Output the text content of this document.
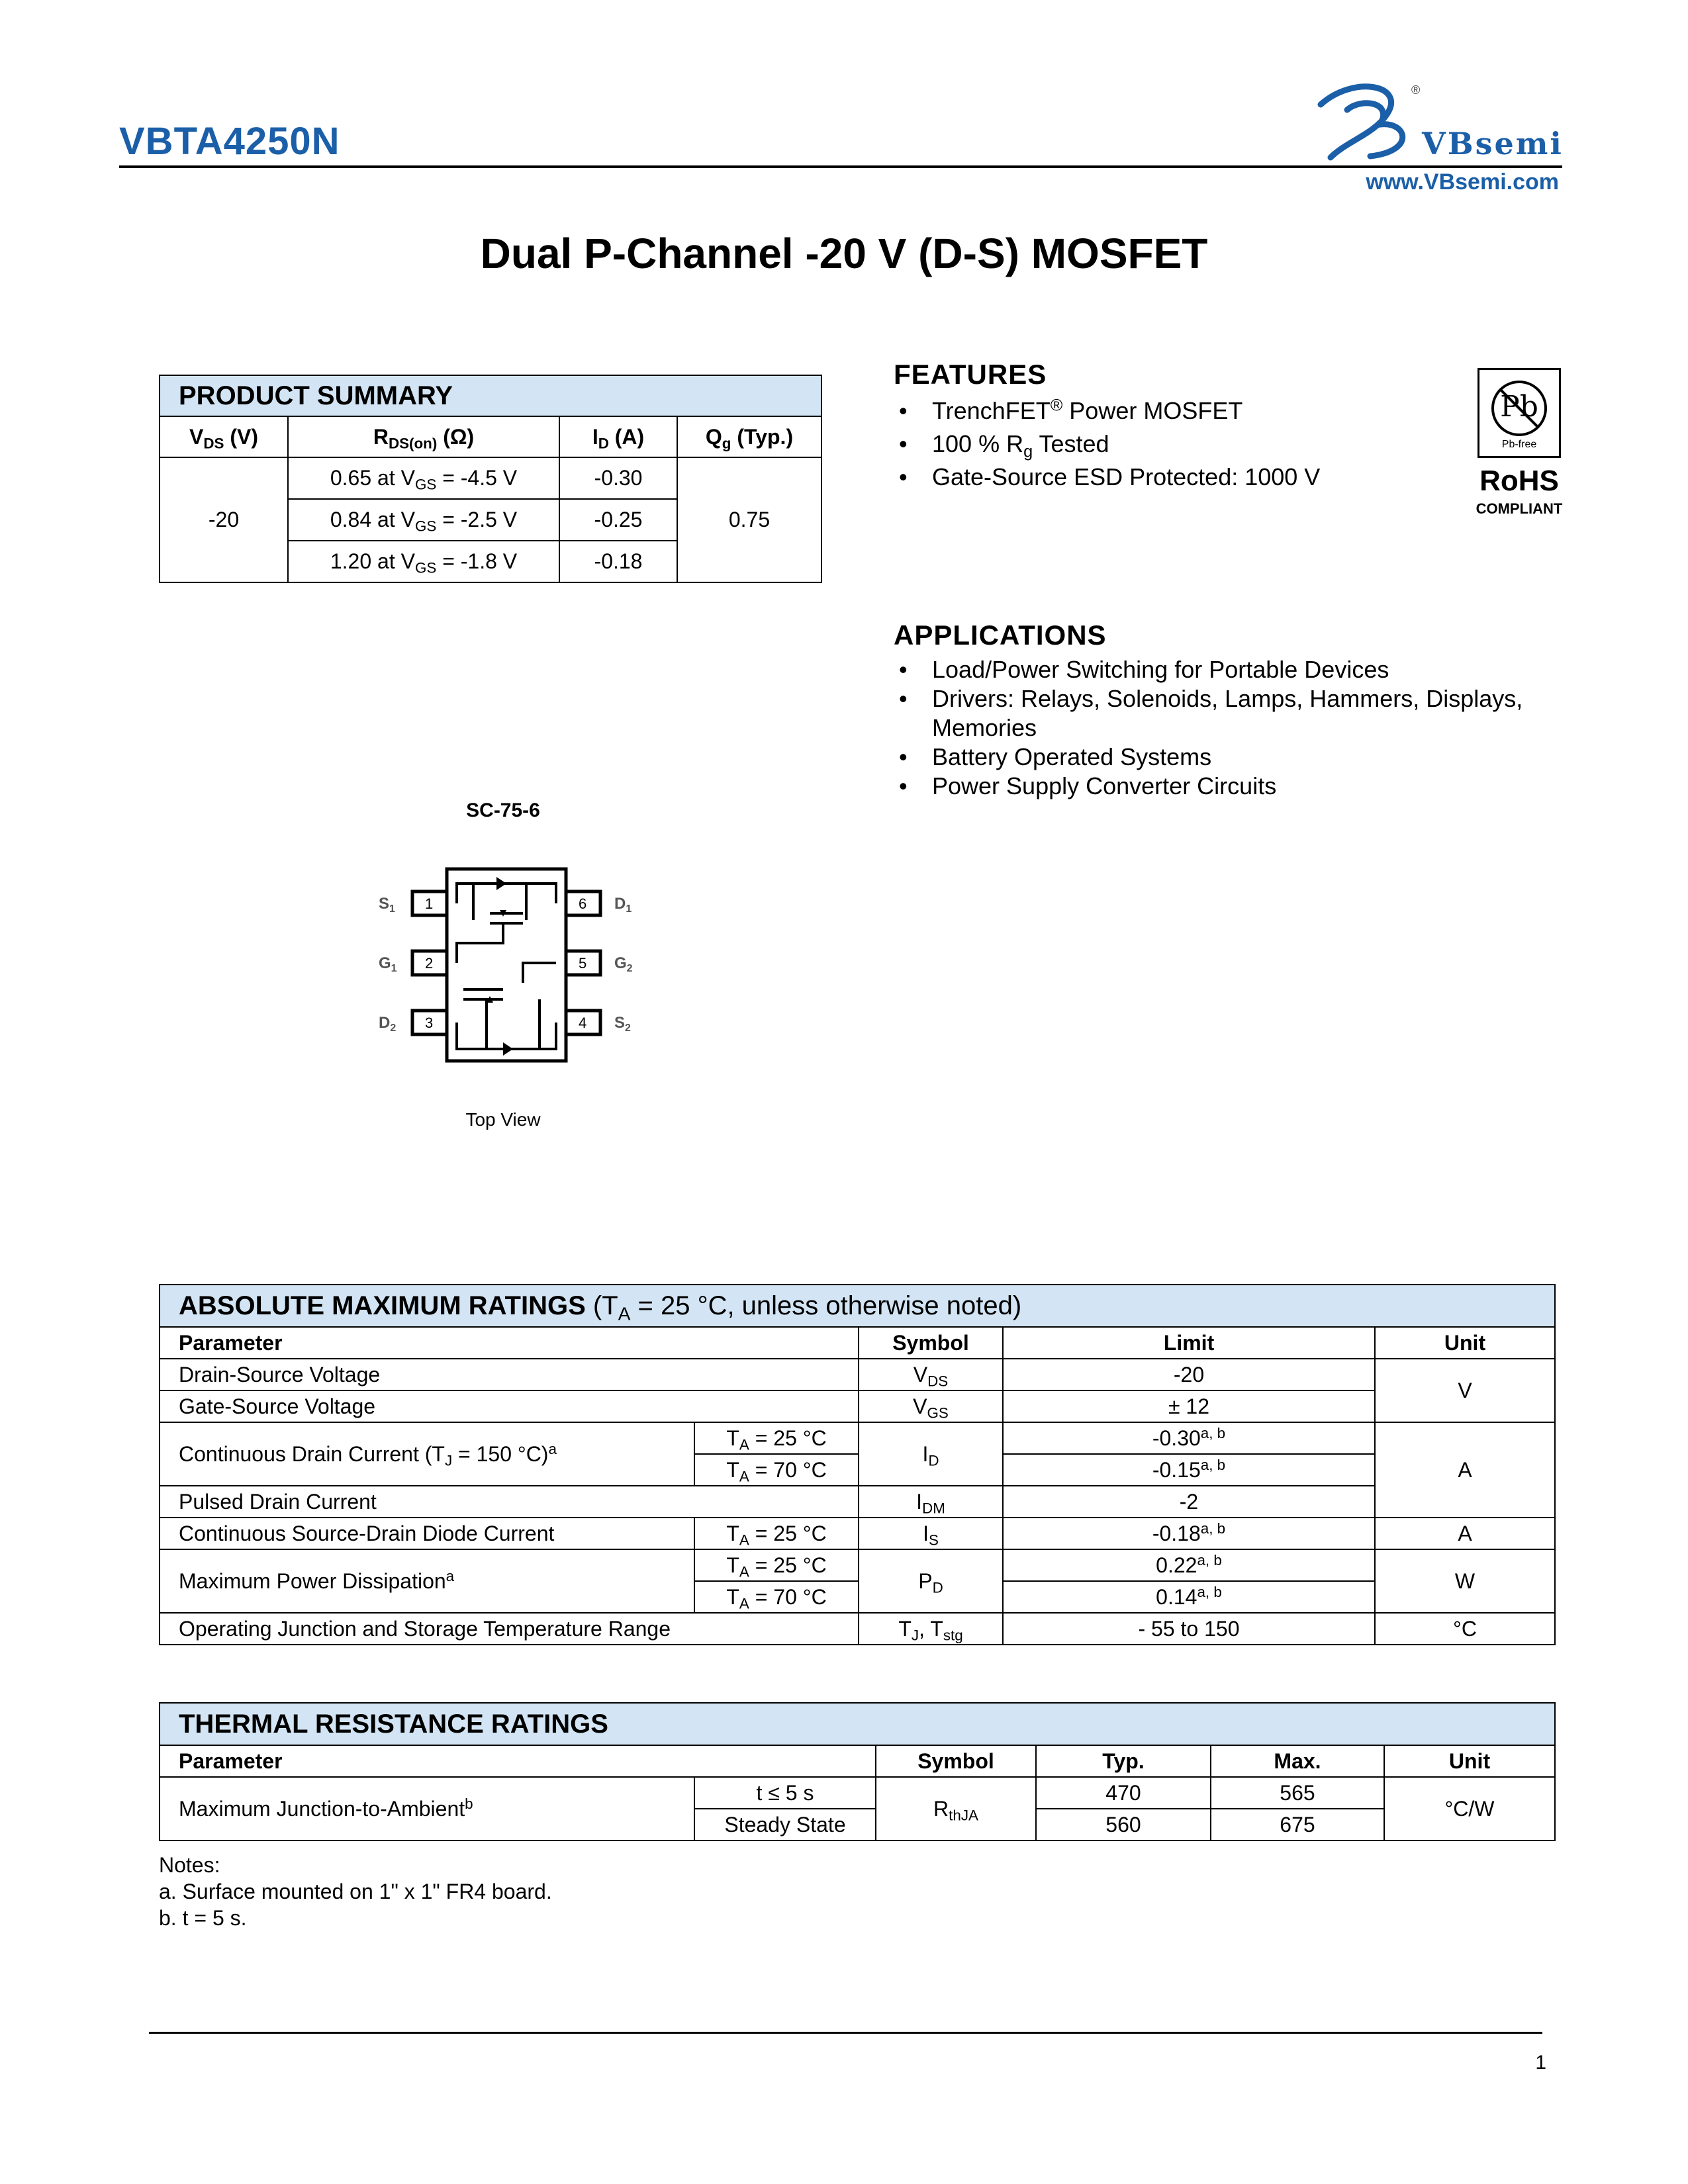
VBTA4250N
®
VBsemi
www.VBsemi.com
Dual P-Channel -20 V (D-S) MOSFET
PRODUCT SUMMARY			
$V_{DS}$ (V)	$R_{DS(on)}$ (Ω)	$I_D$ (A)	$Q_g$ (Typ.)
-20	0.65 at $V_{GS} = -4.5$ V	-0.30	0.75
	0.84 at $V_{GS} = -2.5$ V	-0.25	
	1.20 at $V_{GS} = -1.8$ V	-0.18	
FEATURES
• TrenchFET® Power MOSFET
• 100 % $R_g$ Tested
• Gate-Source ESD Protected: 1000 V
Pb
Pb-free
RoHS
COMPLIANT
APPLICATIONS
• Load/Power Switching for Portable Devices
• Drivers: Relays, Solenoids, Lamps, Hammers, Displays, Memories
• Battery Operated Systems
• Power Supply Converter Circuits
SC-75-6
1
2
3	4
5
6
$S_1$
$G_1$
$D_2$
$D_1$
$G_2$
$S_2$
Top View
ABSOLUTE MAXIMUM RATINGS ($T_A = 25$ °C, unless otherwise noted)				
Parameter		Symbol	Limit	Unit
Drain-Source Voltage		$V_{DS}$	-20	V
Gate-Source Voltage		$V_{GS}$	± 12	
Continuous Drain Current ($T_J = 150$ °C)$^a$	$T_A = 25$ °C	$I_D$	-0.30$^{a, b}$	A
	$T_A = 70$ °C		-0.15$^{a, b}$
Pulsed Drain Current		$I_{DM}$	-2	
Continuous Source-Drain Diode Current	$T_A = 25$ °C	$I_S$	-0.18$^{a, b}$	A
Maximum Power Dissipation$^a$	$T_A = 25$ °C	$P_D$	0.22$^{a, b}$	W
	$T_A = 70$ °C		0.14$^{a, b}$
Operating Junction and Storage Temperature Range		$T_J$, $T_{stg}$	- 55 to 150	°C
THERMAL RESISTANCE RATINGS					
Parameter		Symbol	Typ.	Max.	Unit
Maximum Junction-to-Ambient$^b$	t ≤ 5 s	$R_{thJA}$	470	565	°C/W
	Steady State		560	675	
Notes:
a. Surface mounted on 1" x 1" FR4 board.
b. t = 5 s.
1
